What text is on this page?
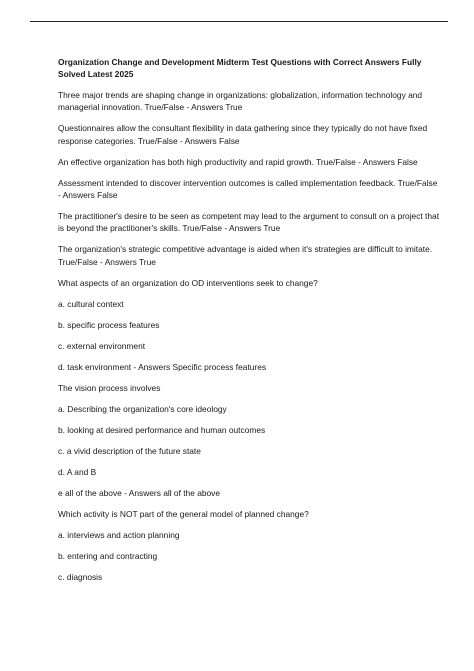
Organization Change and Development Midterm Test Questions with Correct Answers Fully Solved Latest 2025
Three major trends are shaping change in organizations: globalization, information technology and managerial innovation. True/False - Answers True
Questionnaires allow the consultant flexibility in data gathering since they typically do not have fixed response categories. True/False - Answers False
An effective organization has both high productivity and rapid growth. True/False - Answers False
Assessment intended to discover intervention outcomes is called implementation feedback. True/False - Answers False
The practitioner's desire to be seen as competent may lead to the argument to consult on a project that is beyond the practitioner's skills. True/False - Answers True
The organization's strategic competitive advantage is aided when it's strategies are difficult to imitate. True/False - Answers True
What aspects of an organization do OD interventions seek to change?
a. cultural context
b. specific process features
c. external environment
d. task environment - Answers Specific process features
The vision process involves
a. Describing the organization's core ideology
b. looking at desired performance and human outcomes
c. a vivid description of the future state
d. A and B
e all of the above - Answers all of the above
Which activity is NOT part of the general model of planned change?
a. interviews and action planning
b. entering and contracting
c. diagnosis
